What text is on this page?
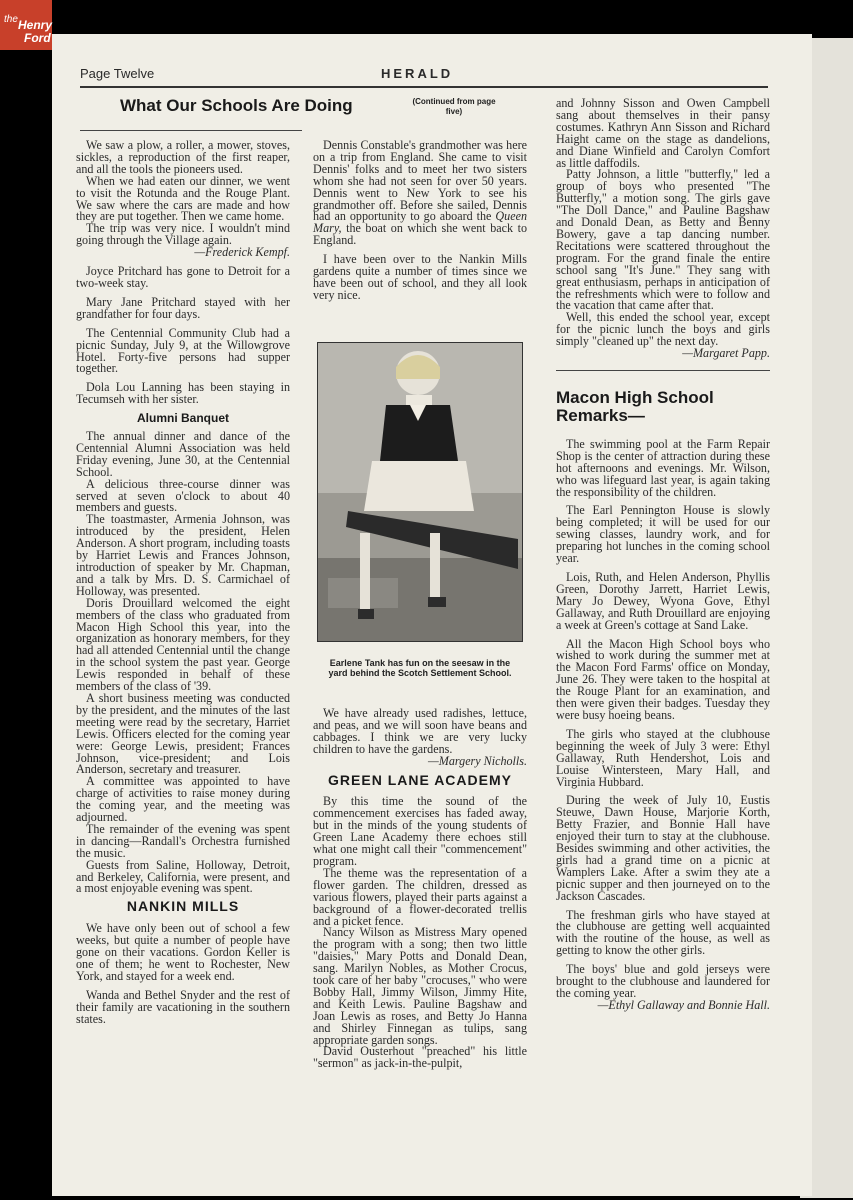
the Henry
Ford
Page Twelve	HERALD
What Our Schools Are Doing	(Continued from page five)

We saw a plow, a roller, a mower, stoves, sickles, a reproduction of the first reaper, and all the tools the pioneers used.

When we had eaten our dinner, we went to visit the Rotunda and the Rouge Plant. We saw where the cars are made and how they are put together. Then we came home.

The trip was very nice. I wouldn't mind going through the Village again.

—Frederick Kempf.

Joyce Pritchard has gone to Detroit for a two-week stay.

Mary Jane Pritchard stayed with her grandfather for four days.

The Centennial Community Club had a picnic Sunday, July 9, at the Willowgrove Hotel. Forty-five persons had supper together.

Dola Lou Lanning has been staying in Tecumseh with her sister.

Alumni Banquet

The annual dinner and dance of the Centennial Alumni Association was held Friday evening, June 30, at the Centennial School.

A delicious three-course dinner was served at seven o'clock to about 40 members and guests.

The toastmaster, Armenia Johnson, was introduced by the president, Helen Anderson. A short program, including toasts by Harriet Lewis and Frances Johnson, introduction of speaker by Mr. Chapman, and a talk by Mrs. D. S. Carmichael of Holloway, was presented.

Doris Drouillard welcomed the eight members of the class who graduated from Macon High School this year, into the organization as honorary members, for they had all attended Centennial until the change in the school system the past year. George Lewis responded in behalf of these members of the class of '39.

A short business meeting was conducted by the president, and the minutes of the last meeting were read by the secretary, Harriet Lewis. Officers elected for the coming year were: George Lewis, president; Frances Johnson, vice-president; and Lois Anderson, secretary and treasurer.

A committee was appointed to have charge of activities to raise money during the coming year, and the meeting was adjourned.

The remainder of the evening was spent in dancing—Randall's Orchestra furnished the music.

Guests from Saline, Holloway, Detroit, and Berkeley, California, were present, and a most enjoyable evening was spent.

NANKIN MILLS

We have only been out of school a few weeks, but quite a number of people have gone on their vacations. Gordon Keller is one of them; he went to Rochester, New York, and stayed for a week end.

Wanda and Bethel Snyder and the rest of their family are vacationing in the southern states.

Dennis Constable's grandmother was here on a trip from England. She came to visit Dennis' folks and to meet her two sisters whom she had not seen for over 50 years. Dennis went to New York to see his grandmother off. Before she sailed, Dennis had an opportunity to go aboard the Queen Mary, the boat on which she went back to England.

I have been over to the Nankin Mills gardens quite a number of times since we have been out of school, and they all look very nice.

Earlene Tank has fun on the seesaw in the yard behind the Scotch Settlement School.

We have already used radishes, lettuce, and peas, and we will soon have beans and cabbages. I think we are very lucky children to have the gardens.

—Margery Nicholls.

GREEN LANE ACADEMY

By this time the sound of the commencement exercises has faded away, but in the minds of the young students of Green Lane Academy there echoes still what one might call their "commencement" program.

The theme was the representation of a flower garden. The children, dressed as various flowers, played their parts against a background of a flower-decorated trellis and a picket fence.

Nancy Wilson as Mistress Mary opened the program with a song; then two little "daisies," Mary Potts and Donald Dean, sang. Marilyn Nobles, as Mother Crocus, took care of her baby "crocuses," who were Bobby Hall, Jimmy Wilson, Jimmy Hite, and Keith Lewis. Pauline Bagshaw and Joan Lewis as roses, and Betty Jo Hanna and Shirley Finnegan as tulips, sang appropriate garden songs.

David Ousterhout "preached" his little "sermon" as jack-in-the-pulpit,

and Johnny Sisson and Owen Campbell sang about themselves in their pansy costumes. Kathryn Ann Sisson and Richard Haight came on the stage as dandelions, and Diane Winfield and Carolyn Comfort as little daffodils.

Patty Johnson, a little "butterfly," led a group of boys who presented "The Butterfly," a motion song. The girls gave "The Doll Dance," and Pauline Bagshaw and Donald Dean, as Betty and Benny Bowery, gave a tap dancing number. Recitations were scattered throughout the program. For the grand finale the entire school sang "It's June." They sang with great enthusiasm, perhaps in anticipation of the refreshments which were to follow and the vacation that came after that.

Well, this ended the school year, except for the picnic lunch the boys and girls simply "cleaned up" the next day.

—Margaret Papp.

Macon High School Remarks—

The swimming pool at the Farm Repair Shop is the center of attraction during these hot afternoons and evenings. Mr. Wilson, who was lifeguard last year, is again taking the responsibility of the children.

The Earl Pennington House is slowly being completed; it will be used for our sewing classes, laundry work, and for preparing hot lunches in the coming school year.

Lois, Ruth, and Helen Anderson, Phyllis Green, Dorothy Jarrett, Harriet Lewis, Mary Jo Dewey, Wyona Gove, Ethyl Gallaway, and Ruth Drouillard are enjoying a week at Green's cottage at Sand Lake.

All the Macon High School boys who wished to work during the summer met at the Macon Ford Farms' office on Monday, June 26. They were taken to the hospital at the Rouge Plant for an examination, and then were given their badges. Tuesday they were busy hoeing beans.

The girls who stayed at the clubhouse beginning the week of July 3 were: Ethyl Gallaway, Ruth Hendershot, Lois and Louise Wintersteen, Mary Hall, and Virginia Hubbard.

During the week of July 10, Eustis Steuwe, Dawn House, Marjorie Korth, Betty Frazier, and Bonnie Hall have enjoyed their turn to stay at the clubhouse. Besides swimming and other activities, the girls had a grand time on a picnic at Wamplers Lake. After a swim they ate a picnic supper and then journeyed on to the Jackson Cascades.

The freshman girls who have stayed at the clubhouse are getting well acquainted with the routine of the house, as well as getting to know the other girls.

The boys' blue and gold jerseys were brought to the clubhouse and laundered for the coming year.

—Ethyl Gallaway and Bonnie Hall.
